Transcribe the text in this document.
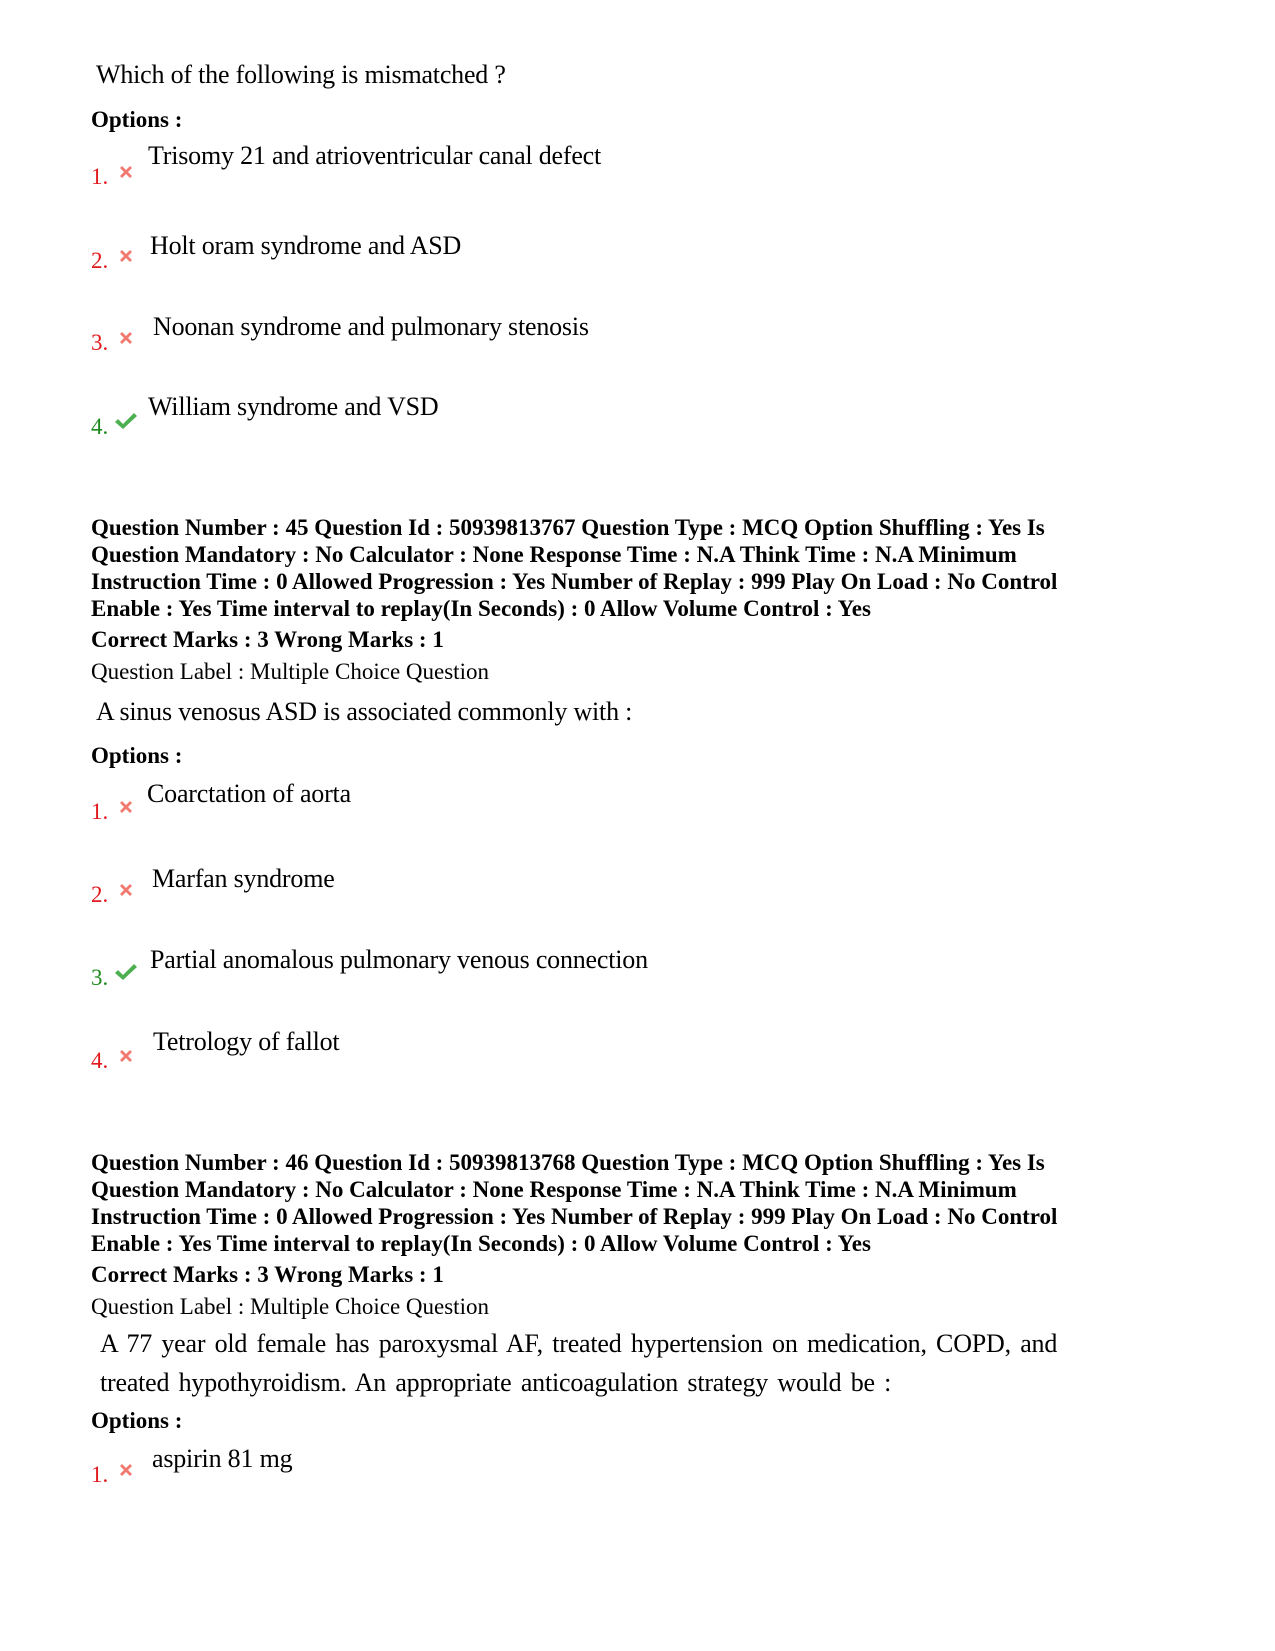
Which of the following is mismatched ?
Options :
1.
Trisomy 21 and atrioventricular canal defect
2.
Holt oram syndrome and ASD
3.
Noonan syndrome and pulmonary stenosis
4.
William syndrome and VSD
Question Number : 45 Question Id : 50939813767 Question Type : MCQ Option Shuffling : Yes Is
Question Mandatory : No Calculator : None Response Time : N.A Think Time : N.A Minimum
Instruction Time : 0 Allowed Progression : Yes Number of Replay : 999 Play On Load : No Control
Enable : Yes Time interval to replay(In Seconds) : 0 Allow Volume Control : Yes
Correct Marks : 3 Wrong Marks : 1
Question Label : Multiple Choice Question
A sinus venosus ASD is associated commonly with :
Options :
1.
Coarctation of aorta
2.
Marfan syndrome
3.
Partial anomalous pulmonary venous connection
4.
Tetrology of fallot
Question Number : 46 Question Id : 50939813768 Question Type : MCQ Option Shuffling : Yes Is
Question Mandatory : No Calculator : None Response Time : N.A Think Time : N.A Minimum
Instruction Time : 0 Allowed Progression : Yes Number of Replay : 999 Play On Load : No Control
Enable : Yes Time interval to replay(In Seconds) : 0 Allow Volume Control : Yes
Correct Marks : 3 Wrong Marks : 1
Question Label : Multiple Choice Question
A 77 year old female has paroxysmal AF, treated hypertension on medication, COPD, and treated hypothyroidism. An appropriate anticoagulation strategy would be :
Options :
1.
aspirin 81 mg
